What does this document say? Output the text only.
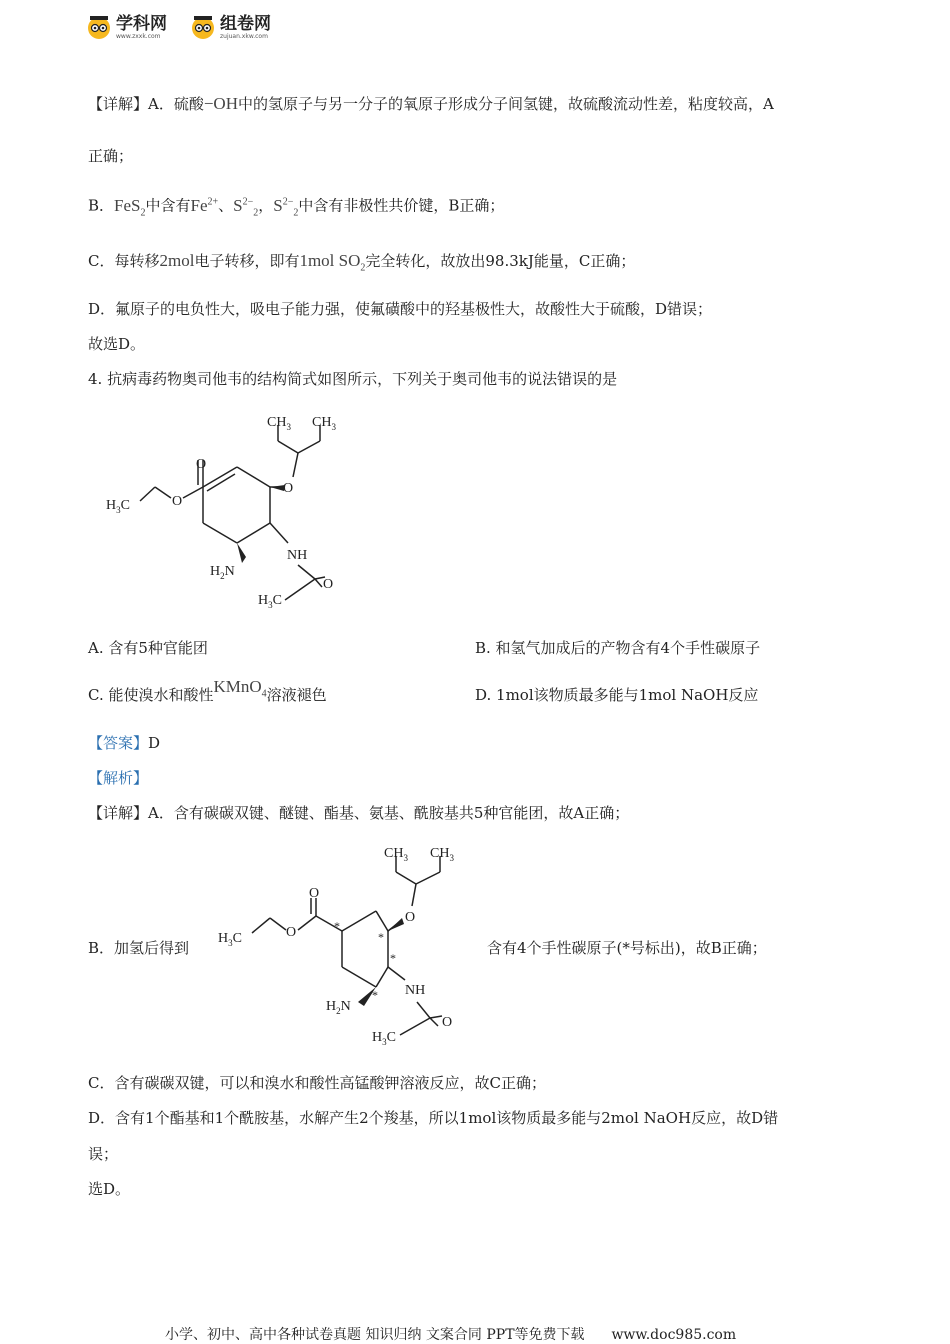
学科网
www.zxxk.com
组卷网
zujuan.xkw.com
【详解】A．硫酸−OH中的氢原子与另一分子的氧原子形成分子间氢键，故硫酸流动性差，粘度较高，A
正确；
B．FeS$_2$中含有$Fe^{2+}$、$S^{2-}_2$，$S^{2-}_2$中含有非极性共价键，B正确；
C．每转移2mol电子转移，即有1mol $SO_2$完全转化，故放出98.3kJ能量，C正确；
D．氟原子的电负性大，吸电子能力强，使氟磺酸中的羟基极性大，故酸性大于硫酸，D错误；
故选D。
4. 抗病毒药物奥司他韦的结构简式如图所示，下列关于奥司他韦的说法错误的是
$CH_3$ $CH_3$
O
O
O
$H_3C$
$H_2N$
NH
O
$H_3C$
A. 含有5种官能团	B. 和氢气加成后的产物含有4个手性碳原子
C. 能使溴水和酸性KMnO$_4$溶液褪色	D. 1mol该物质最多能与1mol NaOH反应
【答案】D
【解析】
【详解】A．含有碳碳双键、醚键、酯基、氨基、酰胺基共5种官能团，故A正确；
B．加氢后得到	含有4个手性碳原子(*号标出)，故B正确；
$CH_3$ $CH_3$
O
O
O
*
*
*
*
$H_3C$
$H_2N$
NH
O
$H_3C$
C．含有碳碳双键，可以和溴水和酸性高锰酸钾溶液反应，故C正确；
D．含有1个酯基和1个酰胺基，水解产生2个羧基，所以1mol该物质最多能与2mol NaOH反应，故D错
误；
选D。
小学、初中、高中各种试卷真题 知识归纳 文案合同 PPT等免费下载 www.doc985.com
